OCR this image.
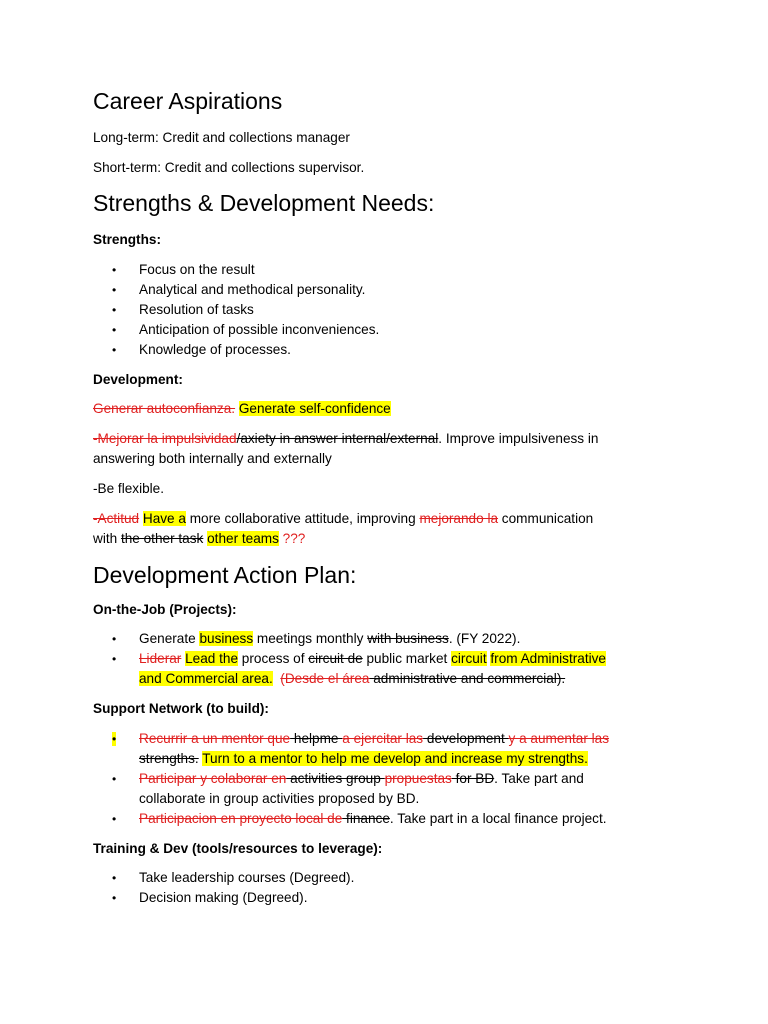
Career Aspirations
Long-term: Credit and collections manager
Short-term: Credit and collections supervisor.
Strengths & Development Needs:
Strengths:
• Focus on the result
• Analytical and methodical personality.
• Resolution of tasks
• Anticipation of possible inconveniences.
• Knowledge of processes.
Development:
Generar autoconfianza. Generate self-confidence
-Mejorar la impulsividad/axiety in answer internal/external. Improve impulsiveness in
answering both internally and externally
-Be flexible.
-Actitud Have a more collaborative attitude, improving mejorando la communication
with the other task other teams ???
Development Action Plan:
On-the-Job (Projects):
• Generate business meetings monthly with business. (FY 2022).
• Liderar Lead the process of circuit de public market circuit from Administrative
and Commercial area. (Desde el área administrative and commercial).
Support Network (to build):
• Recurrir a un mentor que helpme a ejercitar las development y a aumentar las
strengths. Turn to a mentor to help me develop and increase my strengths.
• Participar y colaborar en activities group propuestas for BD. Take part and
collaborate in group activities proposed by BD.
• Participacion en proyecto local de finance. Take part in a local finance project.
Training & Dev (tools/resources to leverage):
• Take leadership courses (Degreed).
• Decision making (Degreed).
